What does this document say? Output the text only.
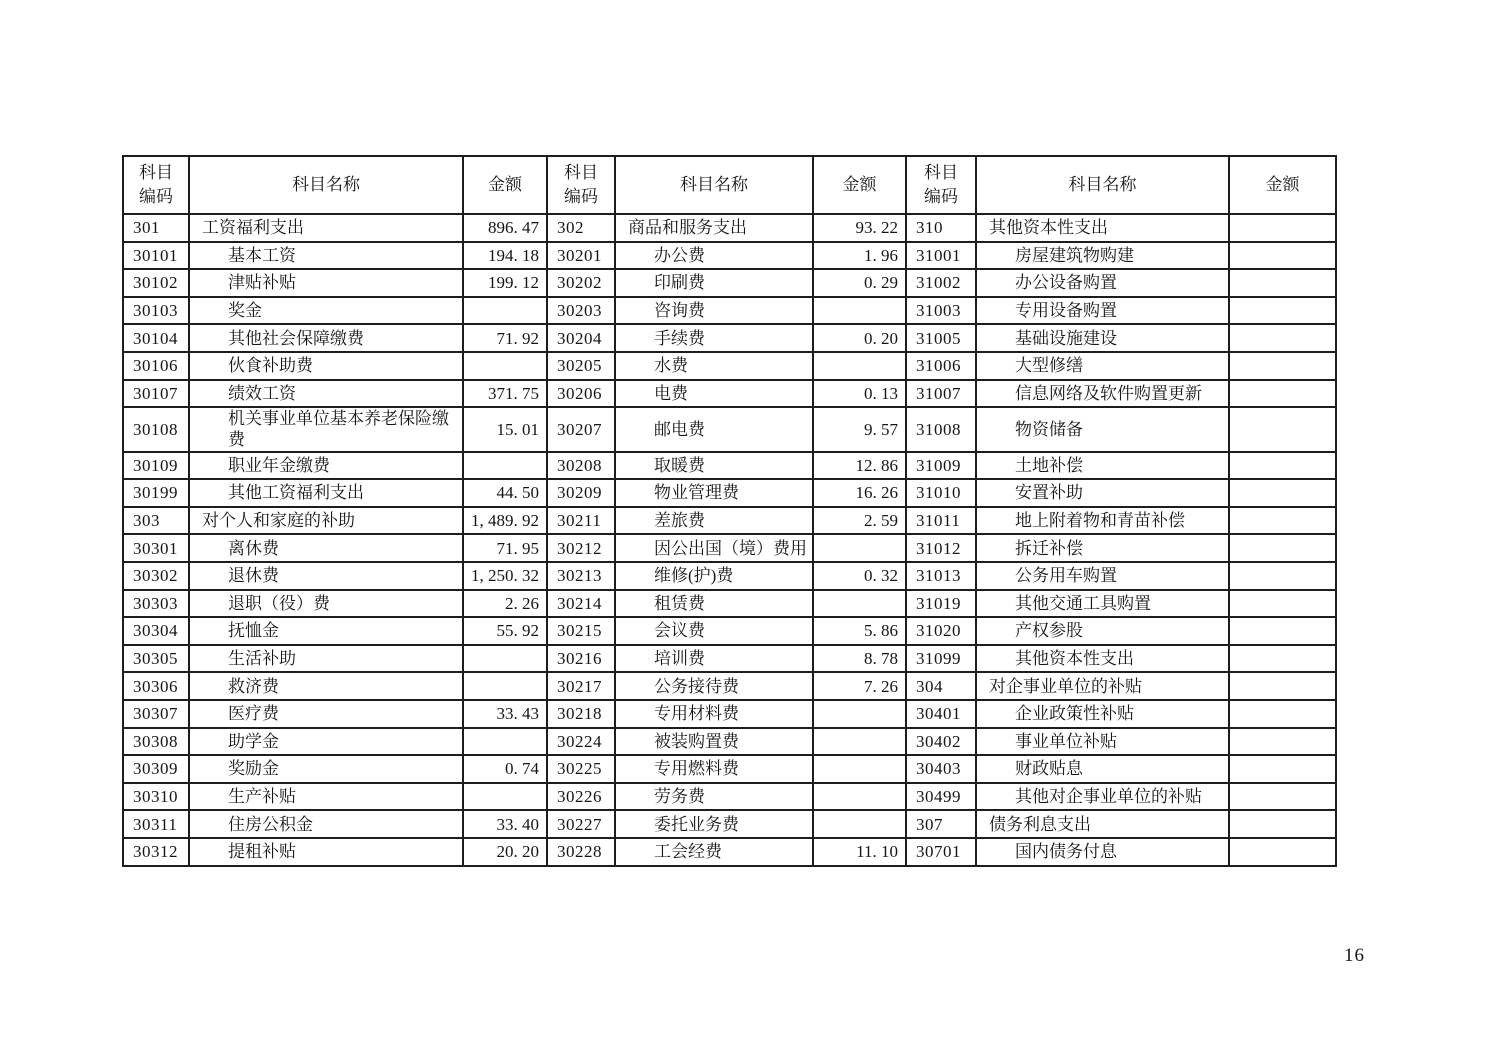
科目编码	科目名称	金额	科目编码	科目名称	金额	科目编码	科目名称	金额
301	工资福利支出	896. 47	302	商品和服务支出	93. 22	310	其他资本性支出	
30101	基本工资	194. 18	30201	办公费	1. 96	31001	房屋建筑物购建	
30102	津贴补贴	199. 12	30202	印刷费	0. 29	31002	办公设备购置	
30103	奖金		30203	咨询费		31003	专用设备购置	
30104	其他社会保障缴费	71. 92	30204	手续费	0. 20	31005	基础设施建设	
30106	伙食补助费		30205	水费		31006	大型修缮	
30107	绩效工资	371. 75	30206	电费	0. 13	31007	信息网络及软件购置更新	
30108	机关事业单位基本养老保险缴费	15. 01	30207	邮电费	9. 57	31008	物资储备	
30109	职业年金缴费		30208	取暖费	12. 86	31009	土地补偿	
30199	其他工资福利支出	44. 50	30209	物业管理费	16. 26	31010	安置补助	
303	对个人和家庭的补助	1, 489. 92	30211	差旅费	2. 59	31011	地上附着物和青苗补偿	
30301	离休费	71. 95	30212	因公出国（境）费用		31012	拆迁补偿	
30302	退休费	1, 250. 32	30213	维修(护)费	0. 32	31013	公务用车购置	
30303	退职（役）费	2. 26	30214	租赁费		31019	其他交通工具购置	
30304	抚恤金	55. 92	30215	会议费	5. 86	31020	产权参股	
30305	生活补助		30216	培训费	8. 78	31099	其他资本性支出	
30306	救济费		30217	公务接待费	7. 26	304	对企事业单位的补贴	
30307	医疗费	33. 43	30218	专用材料费		30401	企业政策性补贴	
30308	助学金		30224	被装购置费		30402	事业单位补贴	
30309	奖励金	0. 74	30225	专用燃料费		30403	财政贴息	
30310	生产补贴		30226	劳务费		30499	其他对企事业单位的补贴	
30311	住房公积金	33. 40	30227	委托业务费		307	债务利息支出	
30312	提租补贴	20. 20	30228	工会经费	11. 10	30701	国内债务付息	
16
